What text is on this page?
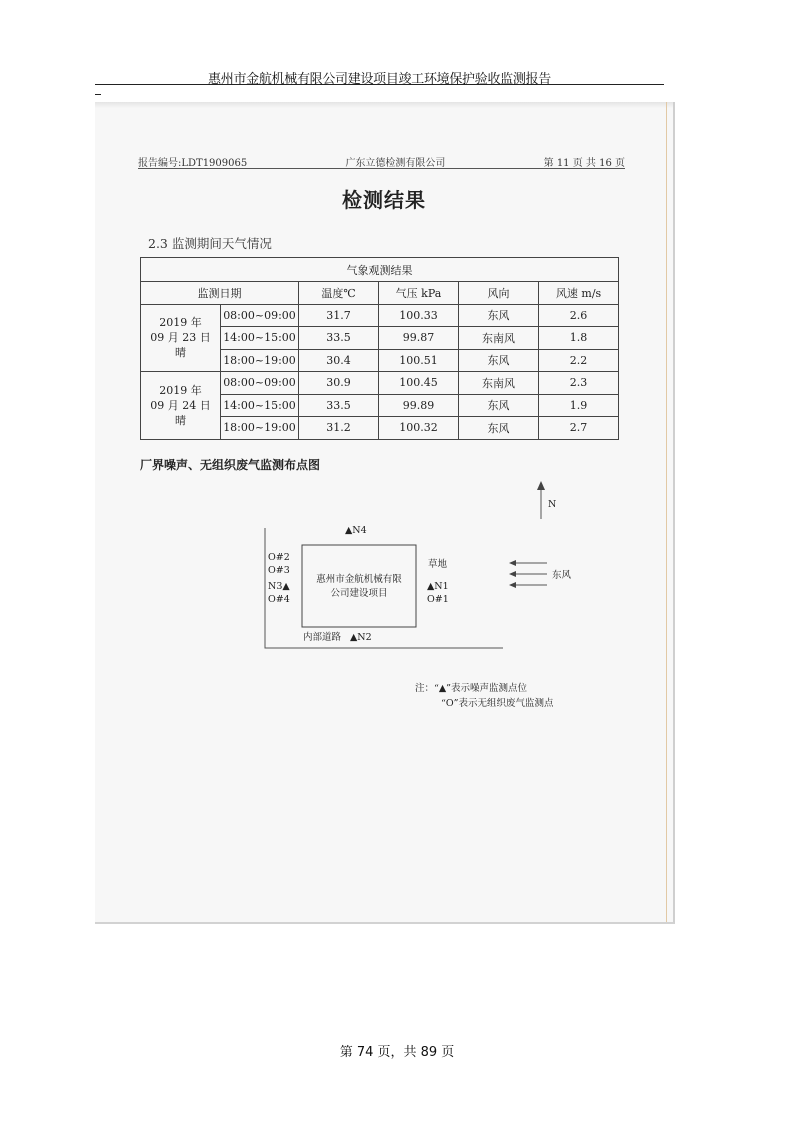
惠州市金航机械有限公司建设项目竣工环境保护验收监测报告
报告编号:LDT1909065	广东立德检测有限公司	第 11 页 共 16 页
检测结果
2.3 监测期间天气情况
气象观测结果					
监测日期		温度℃	气压 kPa	风向	风速 m/s
2019 年
09 月 23 日
晴	08:00~09:00	31.7	100.33	东风	2.6
	14:00~15:00	33.5	99.87	东南风	1.8
	18:00~19:00	30.4	100.51	东风	2.2
2019 年
09 月 24 日
晴	08:00~09:00	30.9	100.45	东南风	2.3
	14:00~15:00	33.5	99.89	东风	1.9
	18:00~19:00	31.2	100.32	东风	2.7
厂界噪声、无组织废气监测布点图
N
东风
惠州市金航机械有限
公司建设项目
草地
内部道路
▲N4
▲N2
▲N1
N3▲
O#2
O#3
O#4	O#1
注：“▲”表示噪声监测点位
“O”表示无组织废气监测点
第 74 页，共 89 页
